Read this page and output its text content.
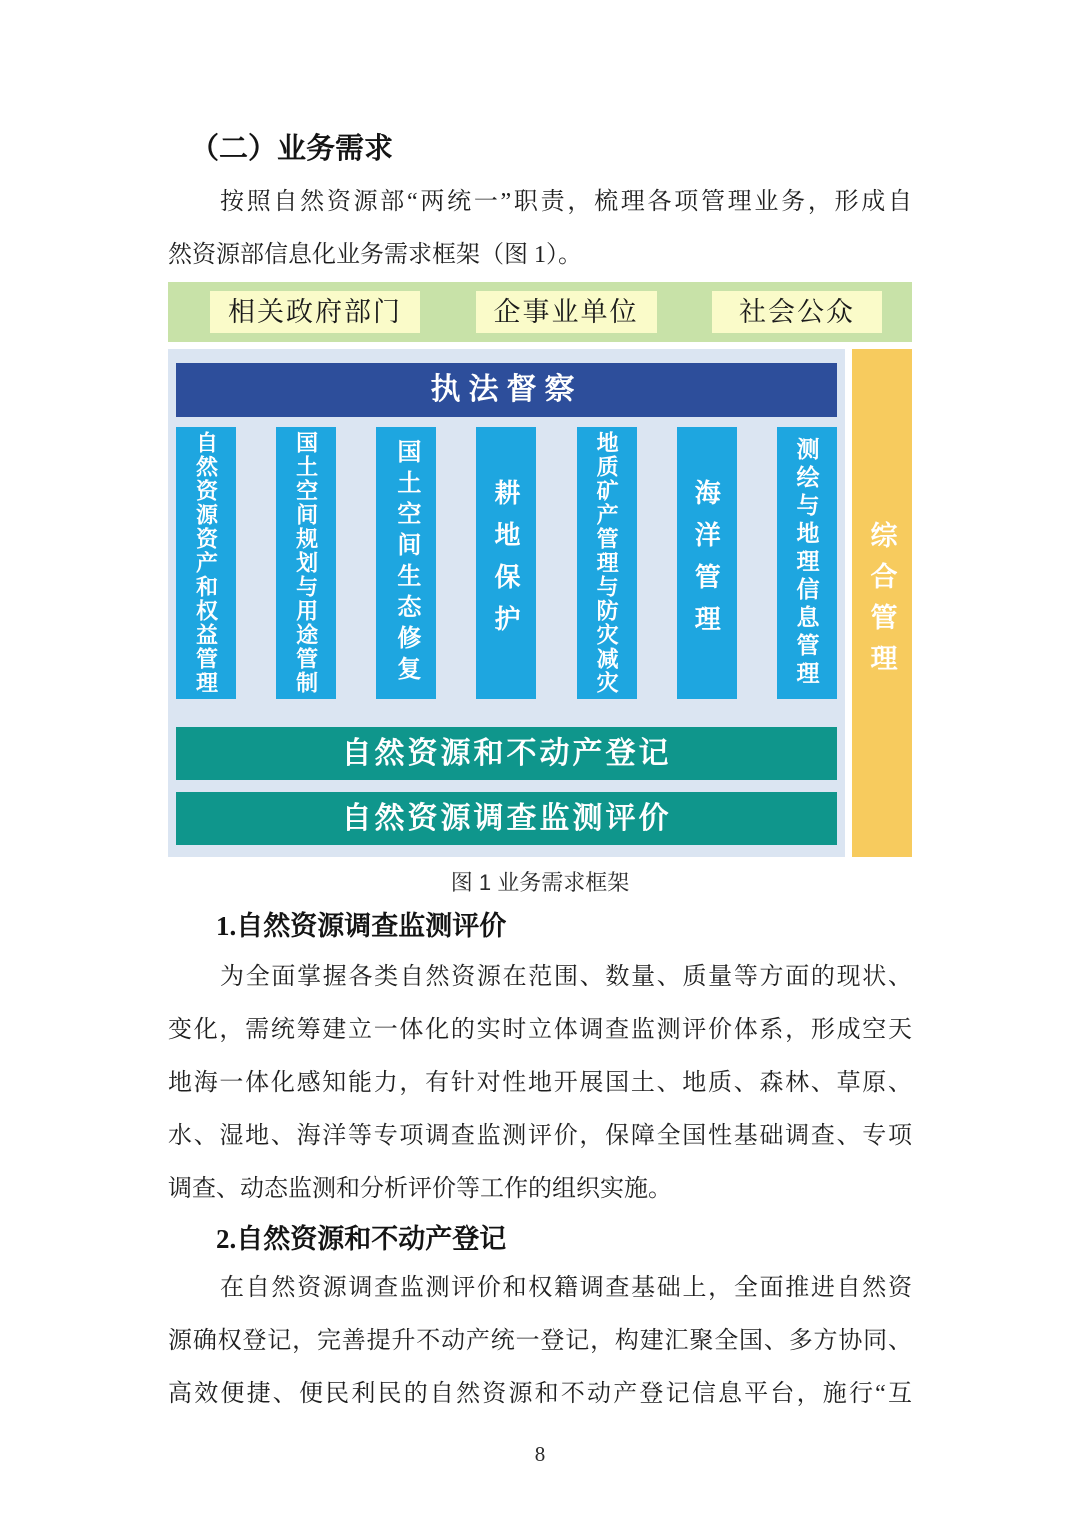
（二）业务需求
按照自然资源部“两统一”职责，梳理各项管理业务，形成自
然资源部信息化业务需求框架（图 1）。
相关政府部门	企事业单位	社会公众
执法督察
自然资源资产和权益管理	国土空间规划与用途管制	国土空间生态修复	耕地保护	地质矿产管理与防灾减灾	海洋管理	测绘与地理信息管理
自然资源和不动产登记
自然资源调查监测评价
综合管理
图 1 业务需求框架
1.自然资源调查监测评价
为全面掌握各类自然资源在范围、数量、质量等方面的现状、
变化，需统筹建立一体化的实时立体调查监测评价体系，形成空天
地海一体化感知能力，有针对性地开展国土、地质、森林、草原、
水、湿地、海洋等专项调查监测评价，保障全国性基础调查、专项
调查、动态监测和分析评价等工作的组织实施。
2.自然资源和不动产登记
在自然资源调查监测评价和权籍调查基础上，全面推进自然资
源确权登记，完善提升不动产统一登记，构建汇聚全国、多方协同、
高效便捷、便民利民的自然资源和不动产登记信息平台，施行“互
8
